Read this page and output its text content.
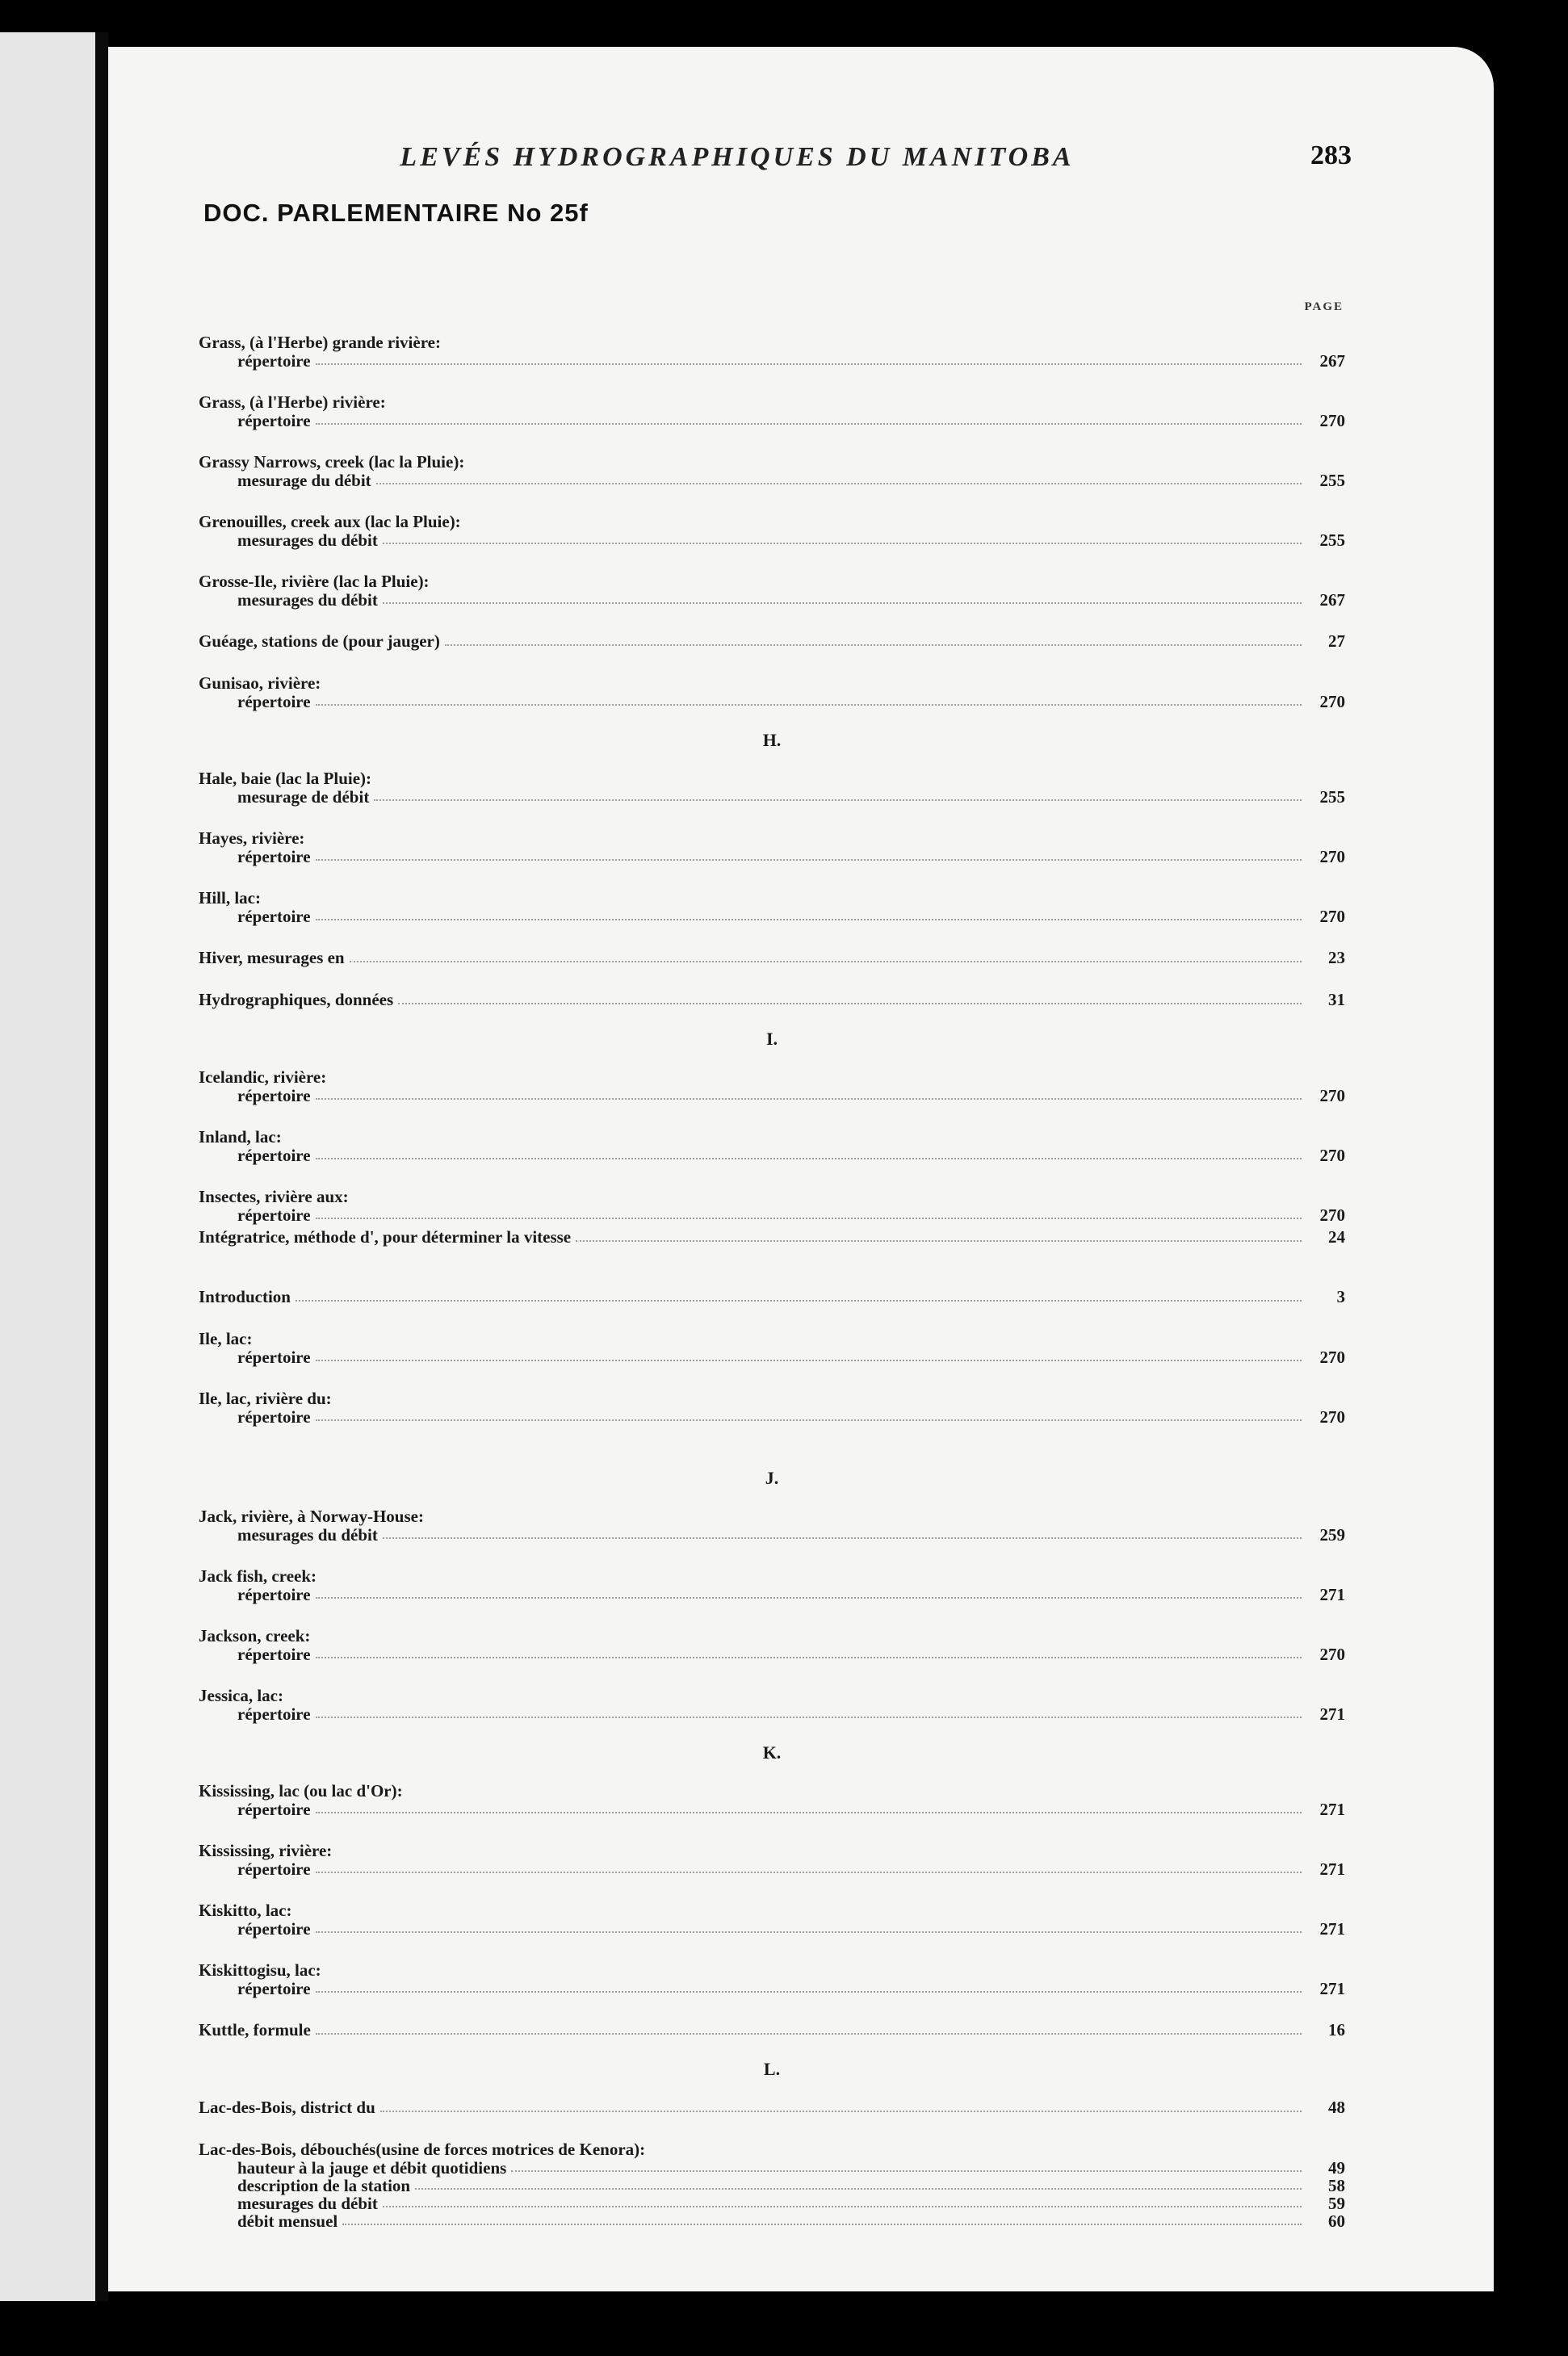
LEVÉS HYDROGRAPHIQUES DU MANITOBA	283
DOC. PARLEMENTAIRE No 25f
PAGE
Grass, (à l'Herbe) grande rivière:
répertoire	267
Grass, (à l'Herbe) rivière:
répertoire	270
Grassy Narrows, creek (lac la Pluie):
mesurage du débit	255
Grenouilles, creek aux (lac la Pluie):
mesurages du débit	255
Grosse-Ile, rivière (lac la Pluie):
mesurages du débit	267
Guéage, stations de (pour jauger)	27
Gunisao, rivière:
répertoire	270
H.
Hale, baie (lac la Pluie):
mesurage de débit	255
Hayes, rivière:
répertoire	270
Hill, lac:
répertoire	270
Hiver, mesurages en	23
Hydrographiques, données	31
I.
Icelandic, rivière:
répertoire	270
Inland, lac:
répertoire	270
Insectes, rivière aux:
répertoire	270
Intégratrice, méthode d', pour déterminer la vitesse	24
Introduction	3
Ile, lac:
répertoire	270
Ile, lac, rivière du:
répertoire	270
J.
Jack, rivière, à Norway-House:
mesurages du débit	259
Jack fish, creek:
répertoire	271
Jackson, creek:
répertoire	270
Jessica, lac:
répertoire	271
K.
Kississing, lac (ou lac d'Or):
répertoire	271
Kississing, rivière:
répertoire	271
Kiskitto, lac:
répertoire	271
Kiskittogisu, lac:
répertoire	271
Kuttle, formule	16
L.
Lac-des-Bois, district du	48
Lac-des-Bois, débouchés(usine de forces motrices de Kenora):
hauteur à la jauge et débit quotidiens	49
description de la station	58
mesurages du débit	59
débit mensuel	60
